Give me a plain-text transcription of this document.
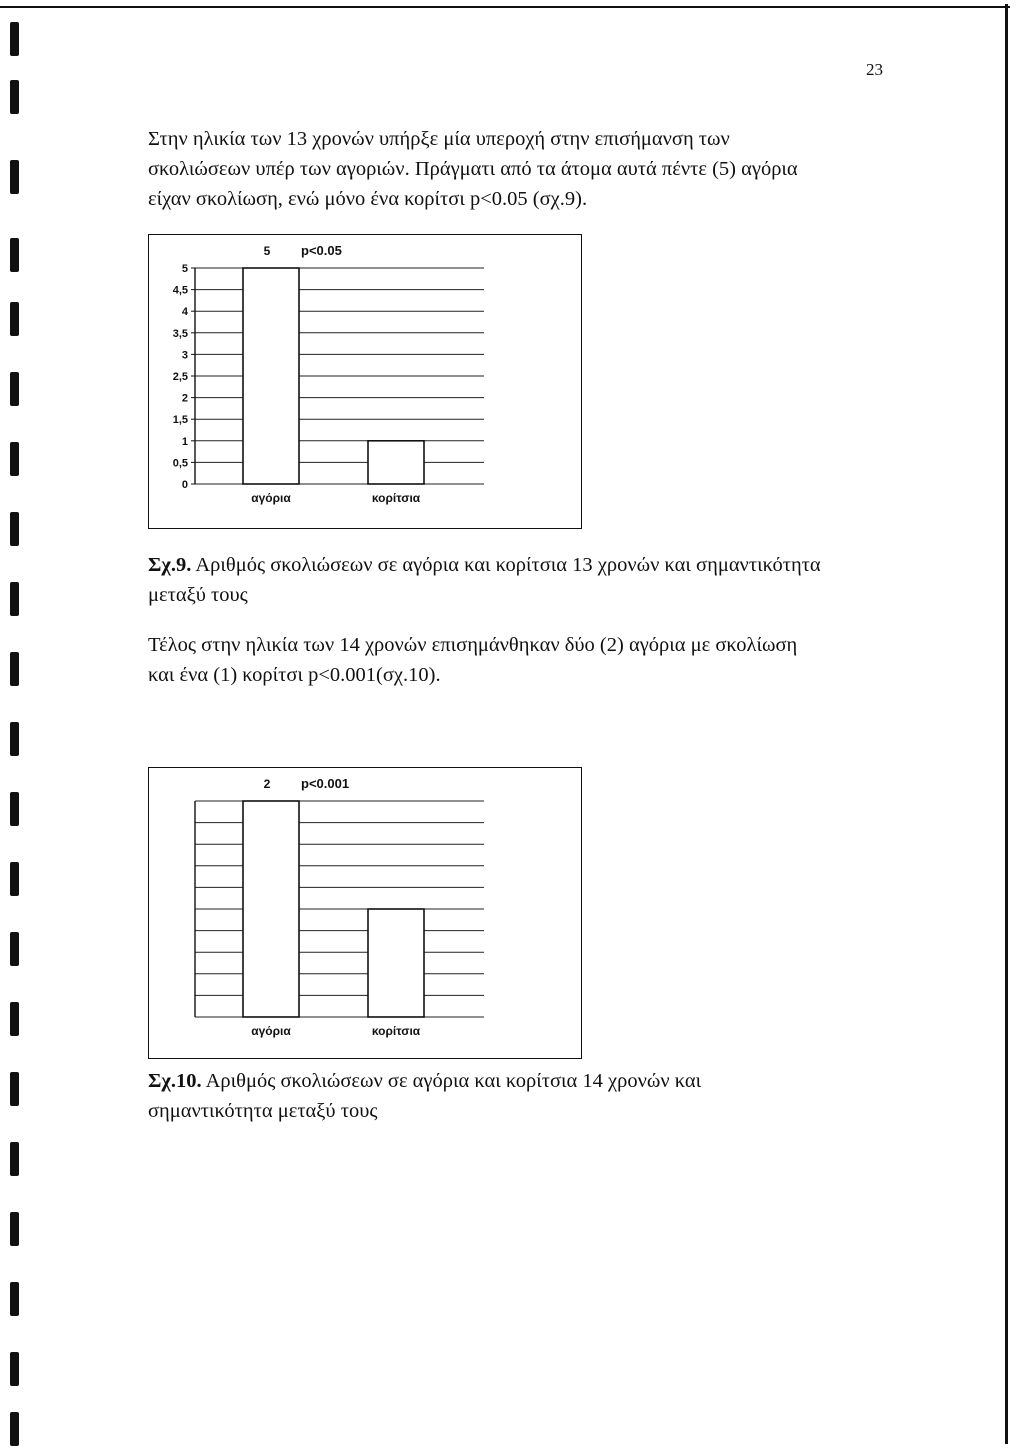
23

Στην ηλικία των 13 χρονών υπήρξε μία υπεροχή στην επισήμανση των σκολιώσεων υπέρ των αγοριών. Πράγματι από τα άτομα αυτά πέντε (5) αγόρια είχαν σκολίωση, ενώ μόνο ένα κορίτσι p<0.05 (σχ.9).

0
0,5
1
1,5
2
2,5
3
3,5
4
4,5
5
αγόρια
5
κορίτσια
p<0.05

Σχ.9. Αριθμός σκολιώσεων σε αγόρια και κορίτσια 13 χρονών και σημαντικότητα μεταξύ τους

Τέλος στην ηλικία των 14 χρονών επισημάνθηκαν δύο (2) αγόρια με σκολίωση και ένα (1) κορίτσι p<0.001(σχ.10).

αγόρια
2
κορίτσια
p<0.001

Σχ.10. Αριθμός σκολιώσεων σε αγόρια και κορίτσια 14 χρονών και σημαντικότητα μεταξύ τους
